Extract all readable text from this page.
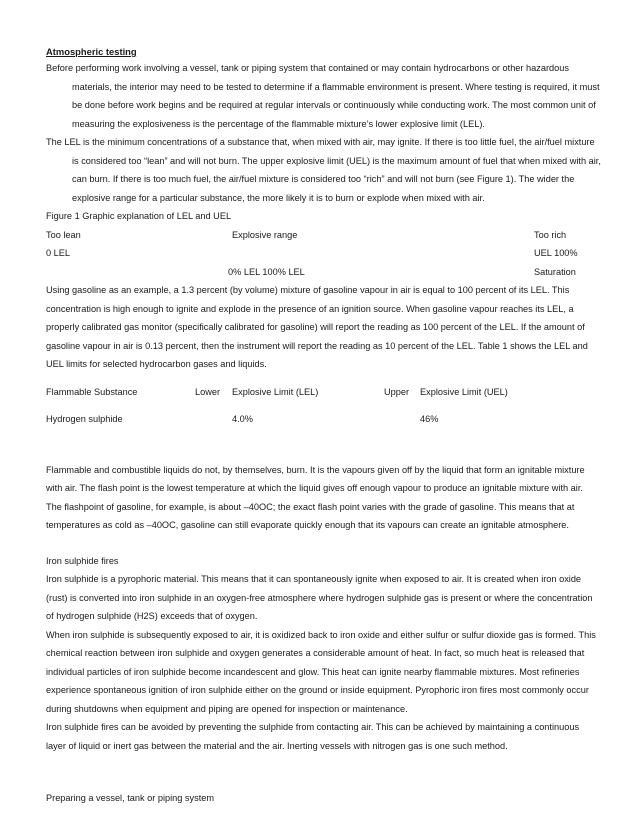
Atmospheric testing

Before performing work involving a vessel, tank or piping system that contained or may contain hydrocarbons or other hazardous materials, the interior may need to be tested to determine if a flammable environment is present. Where testing is required, it must be done before work begins and be required at regular intervals or continuously while conducting work. The most common unit of measuring the explosiveness is the percentage of the flammable mixture’s lower explosive limit (LEL).

The LEL is the minimum concentrations of a substance that, when mixed with air, may ignite. If there is too little fuel, the air/fuel mixture is considered too “lean” and will not burn. The upper explosive limit (UEL) is the maximum amount of fuel that when mixed with air, can burn. If there is too much fuel, the air/fuel mixture is considered too “rich” and will not burn (see Figure 1). The wider the explosive range for a particular substance, the more likely it is to burn or explode when mixed with air.

Figure 1 Graphic explanation of LEL and UEL
Too lean	Explosive range	Too rich
0 LEL	UEL 100%
0% LEL 100% LEL	Saturation

Using gasoline as an example, a 1.3 percent (by volume) mixture of gasoline vapour in air is equal to 100 percent of its LEL. This concentration is high enough to ignite and explode in the presence of an ignition source. When gasoline vapour reaches its LEL, a properly calibrated gas monitor (specifically calibrated for gasoline) will report the reading as 100 percent of the LEL. If the amount of gasoline vapour in air is 0.13 percent, then the instrument will report the reading as 10 percent of the LEL. Table 1 shows the LEL and UEL limits for selected hydrocarbon gases and liquids.

Flammable Substance	Lower Explosive Limit (LEL)	Upper Explosive Limit (UEL)
Hydrogen sulphide	4.0%	46%

Flammable and combustible liquids do not, by themselves, burn. It is the vapours given off by the liquid that form an ignitable mixture with air. The flash point is the lowest temperature at which the liquid gives off enough vapour to produce an ignitable mixture with air. The flashpoint of gasoline, for example, is about –40OC; the exact flash point varies with the grade of gasoline. This means that at temperatures as cold as –40OC, gasoline can still evaporate quickly enough that its vapours can create an ignitable atmosphere.

Iron sulphide fires

Iron sulphide is a pyrophoric material. This means that it can spontaneously ignite when exposed to air. It is created when iron oxide (rust) is converted into iron sulphide in an oxygen-free atmosphere where hydrogen sulphide gas is present or where the concentration of hydrogen sulphide (H2S) exceeds that of oxygen.

When iron sulphide is subsequently exposed to air, it is oxidized back to iron oxide and either sulfur or sulfur dioxide gas is formed. This chemical reaction between iron sulphide and oxygen generates a considerable amount of heat. In fact, so much heat is released that individual particles of iron sulphide become incandescent and glow. This heat can ignite nearby flammable mixtures. Most refineries experience spontaneous ignition of iron sulphide either on the ground or inside equipment. Pyrophoric iron fires most commonly occur during shutdowns when equipment and piping are opened for inspection or maintenance.

Iron sulphide fires can be avoided by preventing the sulphide from contacting air. This can be achieved by maintaining a continuous layer of liquid or inert gas between the material and the air. Inerting vessels with nitrogen gas is one such method.

Preparing a vessel, tank or piping system
